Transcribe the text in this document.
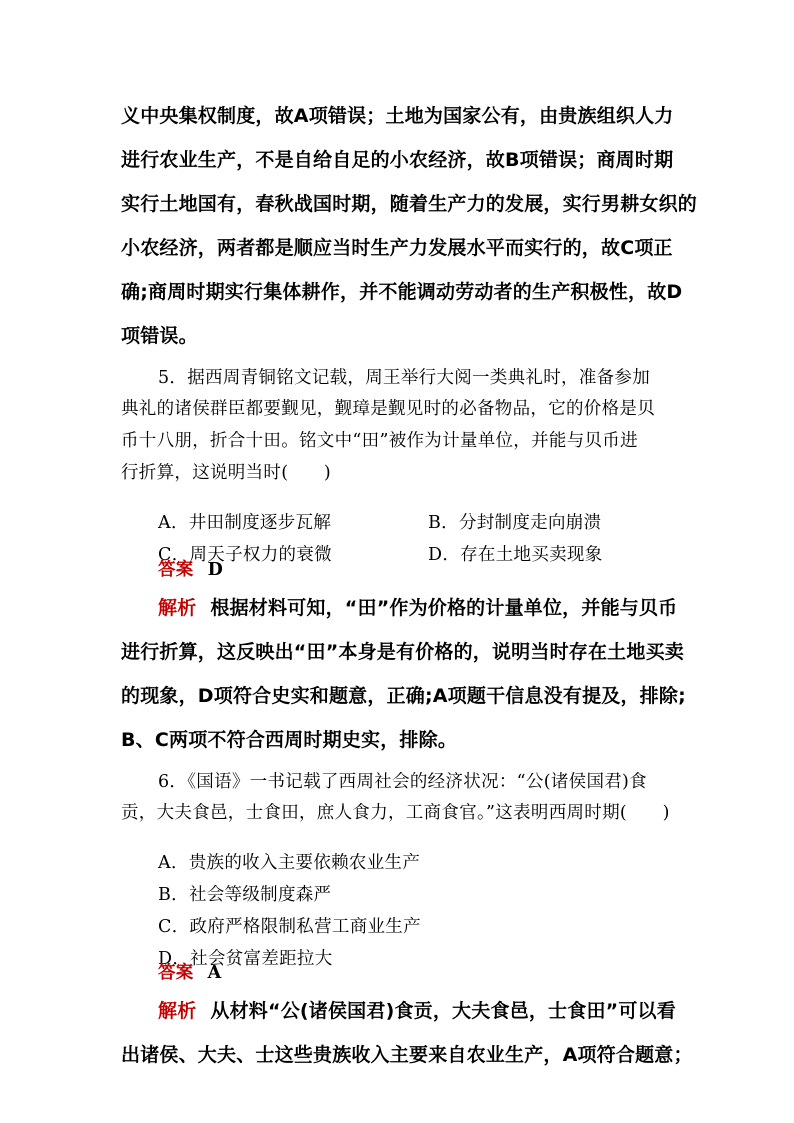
义中央集权制度，故A项错误；土地为国家公有，由贵族组织人力

进行农业生产，不是自给自足的小农经济，故B项错误；商周时期

实行土地国有，春秋战国时期，随着生产力的发展，实行男耕女织的

小农经济，两者都是顺应当时生产力发展水平而实行的，故C项正

确;商周时期实行集体耕作，并不能调动劳动者的生产积极性，故D

项错误。

5．据西周青铜铭文记载，周王举行大阅一类典礼时，准备参加

典礼的诸侯群臣都要觐见，觐璋是觐见时的必备物品，它的价格是贝

币十八朋，折合十田。铭文中“田”被作为计量单位，并能与贝币进

行折算，这说明当时(　　)

A．井田制度逐步瓦解	B．分封制度走向崩溃

C．周天子权力的衰微	D．存在土地买卖现象

答案 D

解析 根据材料可知，“田”作为价格的计量单位，并能与贝币

进行折算，这反映出“田”本身是有价格的，说明当时存在土地买卖

的现象，D项符合史实和题意，正确;A项题干信息没有提及，排除;

B、C两项不符合西周时期史实，排除。

6．《国语》一书记载了西周社会的经济状况：“公(诸侯国君)食

贡，大夫食邑，士食田，庶人食力，工商食官。”这表明西周时期(　　)

A．贵族的收入主要依赖农业生产

B．社会等级制度森严

C．政府严格限制私营工商业生产

D．社会贫富差距拉大

答案 A

解析 从材料“公(诸侯国君)食贡，大夫食邑，士食田”可以看

出诸侯、大夫、士这些贵族收入主要来自农业生产，A项符合题意；
